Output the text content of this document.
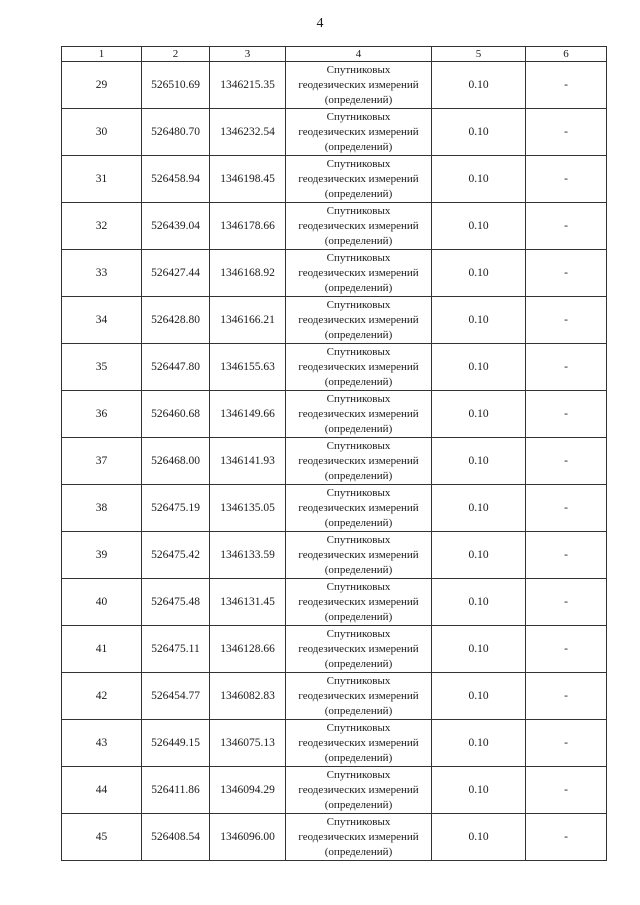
4
1	2	3	4	5	6
29	526510.69	1346215.35	Спутниковых
геодезических измерений
(определений)	0.10	-
30	526480.70	1346232.54	Спутниковых
геодезических измерений
(определений)	0.10	-
31	526458.94	1346198.45	Спутниковых
геодезических измерений
(определений)	0.10	-
32	526439.04	1346178.66	Спутниковых
геодезических измерений
(определений)	0.10	-
33	526427.44	1346168.92	Спутниковых
геодезических измерений
(определений)	0.10	-
34	526428.80	1346166.21	Спутниковых
геодезических измерений
(определений)	0.10	-
35	526447.80	1346155.63	Спутниковых
геодезических измерений
(определений)	0.10	-
36	526460.68	1346149.66	Спутниковых
геодезических измерений
(определений)	0.10	-
37	526468.00	1346141.93	Спутниковых
геодезических измерений
(определений)	0.10	-
38	526475.19	1346135.05	Спутниковых
геодезических измерений
(определений)	0.10	-
39	526475.42	1346133.59	Спутниковых
геодезических измерений
(определений)	0.10	-
40	526475.48	1346131.45	Спутниковых
геодезических измерений
(определений)	0.10	-
41	526475.11	1346128.66	Спутниковых
геодезических измерений
(определений)	0.10	-
42	526454.77	1346082.83	Спутниковых
геодезических измерений
(определений)	0.10	-
43	526449.15	1346075.13	Спутниковых
геодезических измерений
(определений)	0.10	-
44	526411.86	1346094.29	Спутниковых
геодезических измерений
(определений)	0.10	-
45	526408.54	1346096.00	Спутниковых
геодезических измерений
(определений)	0.10	-
